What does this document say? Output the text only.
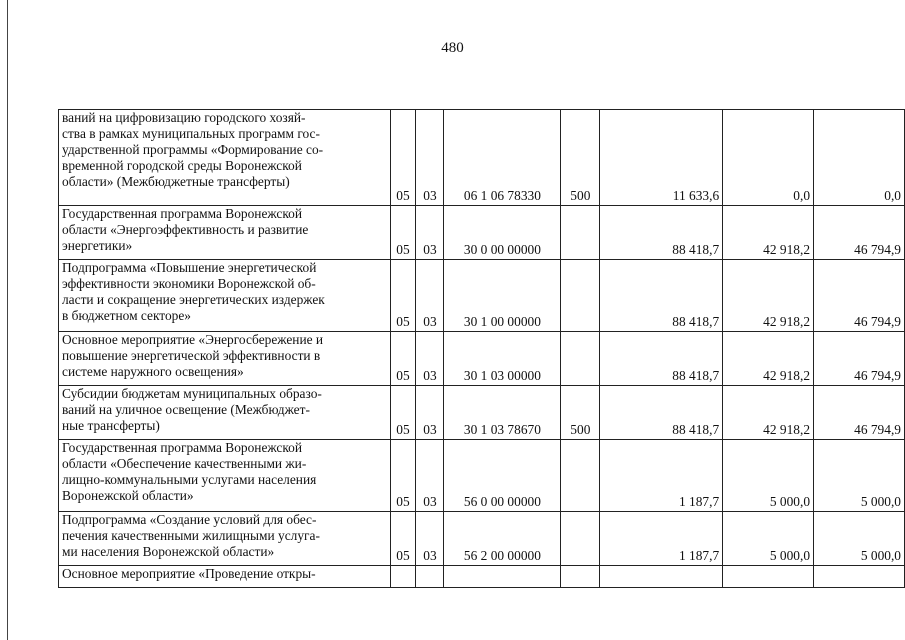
480
ваний на цифровизацию городского хозяй-
ства в рамках муниципальных программ гос-
ударственной программы «Формирование со-
временной городской среды Воронежской
области» (Межбюджетные трансферты)	05	03	06 1 06 78330	500	11 633,6	0,0	0,0
Государственная программа Воронежской
области «Энергоэффективность и развитие
энергетики»	05	03	30 0 00 00000		88 418,7	42 918,2	46 794,9
Подпрограмма «Повышение энергетической
эффективности экономики Воронежской об-
ласти и сокращение энергетических издержек
в бюджетном секторе»	05	03	30 1 00 00000		88 418,7	42 918,2	46 794,9
Основное мероприятие «Энергосбережение и
повышение энергетической эффективности в
системе наружного освещения»	05	03	30 1 03 00000		88 418,7	42 918,2	46 794,9
Субсидии бюджетам муниципальных образо-
ваний на уличное освещение (Межбюджет-
ные трансферты)	05	03	30 1 03 78670	500	88 418,7	42 918,2	46 794,9
Государственная программа Воронежской
области «Обеспечение качественными жи-
лищно-коммунальными услугами населения
Воронежской области»	05	03	56 0 00 00000		1 187,7	5 000,0	5 000,0
Подпрограмма «Создание условий для обес-
печения качественными жилищными услуга-
ми населения Воронежской области»	05	03	56 2 00 00000		1 187,7	5 000,0	5 000,0
Основное мероприятие «Проведение откры-							
